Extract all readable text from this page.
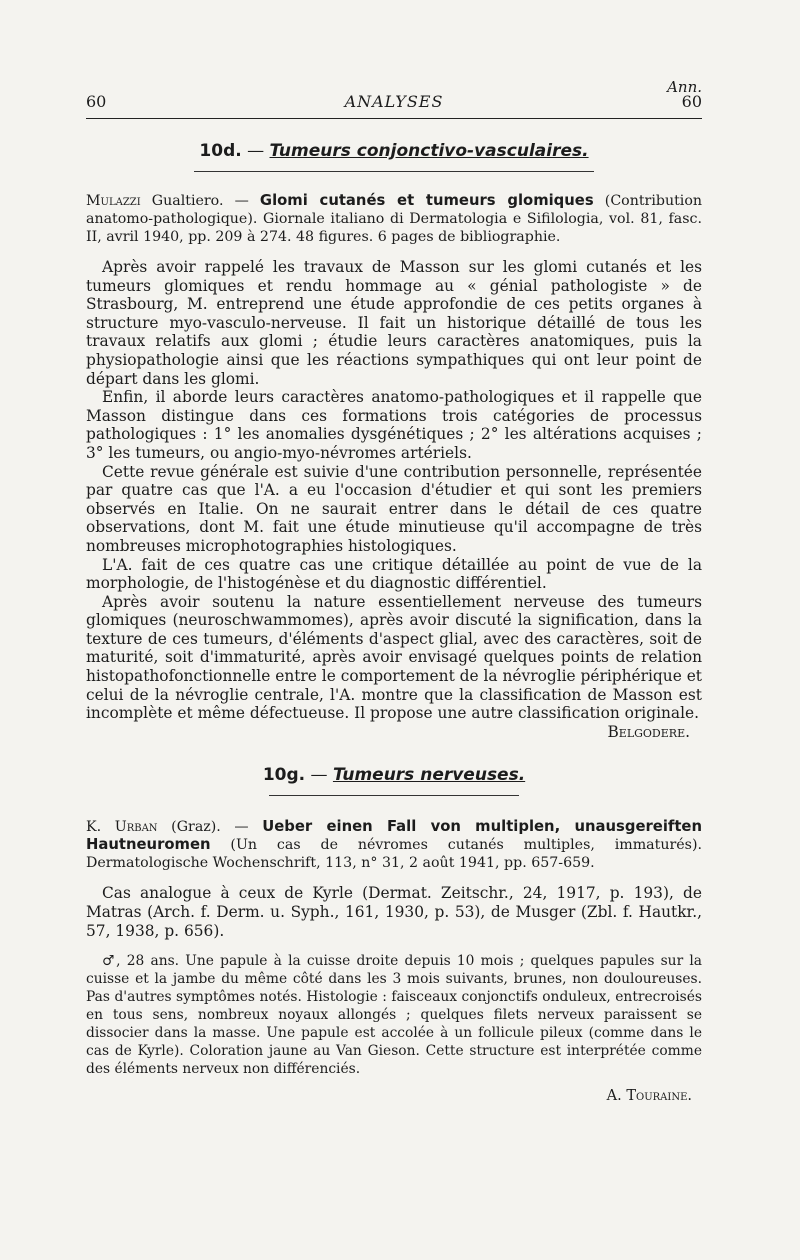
Ann.
60	ANALYSES	60
10d. — Tumeurs conjonctivo-vasculaires.
Mulazzi Gualtiero. — Glomi cutanés et tumeurs glomiques (Contribution anatomo-pathologique). Giornale italiano di Dermatologia e Sifilologia, vol. 81, fasc. II, avril 1940, pp. 209 à 274. 48 figures. 6 pages de bibliographie.

Après avoir rappelé les travaux de Masson sur les glomi cutanés et les tumeurs glomiques et rendu hommage au « génial pathologiste » de Strasbourg, M. entreprend une étude approfondie de ces petits organes à structure myo-vasculo-nerveuse. Il fait un historique détaillé de tous les travaux relatifs aux glomi ; étudie leurs caractères anatomiques, puis la physiopathologie ainsi que les réactions sympathiques qui ont leur point de départ dans les glomi.

Enfin, il aborde leurs caractères anatomo-pathologiques et il rappelle que Masson distingue dans ces formations trois catégories de processus pathologiques : 1° les anomalies dysgénétiques ; 2° les altérations acquises ; 3° les tumeurs, ou angio-myo-névromes artériels.

Cette revue générale est suivie d'une contribution personnelle, représentée par quatre cas que l'A. a eu l'occasion d'étudier et qui sont les premiers observés en Italie. On ne saurait entrer dans le détail de ces quatre observations, dont M. fait une étude minutieuse qu'il accompagne de très nombreuses microphotographies histologiques.

L'A. fait de ces quatre cas une critique détaillée au point de vue de la morphologie, de l'histogénèse et du diagnostic différentiel.

Après avoir soutenu la nature essentiellement nerveuse des tumeurs glomiques (neuroschwammomes), après avoir discuté la signification, dans la texture de ces tumeurs, d'éléments d'aspect glial, avec des caractères, soit de maturité, soit d'immaturité, après avoir envisagé quelques points de relation histopathofonctionnelle entre le comportement de la névroglie périphérique et celui de la névroglie centrale, l'A. montre que la classification de Masson est incomplète et même défectueuse. Il propose une autre classification originale.

Belgodere.
10g. — Tumeurs nerveuses.
K. Urban (Graz). — Ueber einen Fall von multiplen, unausgereiften Hautneuromen (Un cas de névromes cutanés multiples, immaturés). Dermatologische Wochenschrift, 113, n° 31, 2 août 1941, pp. 657-659.

Cas analogue à ceux de Kyrle (Dermat. Zeitschr., 24, 1917, p. 193), de Matras (Arch. f. Derm. u. Syph., 161, 1930, p. 53), de Musger (Zbl. f. Hautkr., 57, 1938, p. 656).

♂, 28 ans. Une papule à la cuisse droite depuis 10 mois ; quelques papules sur la cuisse et la jambe du même côté dans les 3 mois suivants, brunes, non douloureuses. Pas d'autres symptômes notés. Histologie : faisceaux conjonctifs onduleux, entrecroisés en tous sens, nombreux noyaux allongés ; quelques filets nerveux paraissent se dissocier dans la masse. Une papule est accolée à un follicule pileux (comme dans le cas de Kyrle). Coloration jaune au Van Gieson. Cette structure est interprétée comme des éléments nerveux non différenciés.

A. Touraine.
